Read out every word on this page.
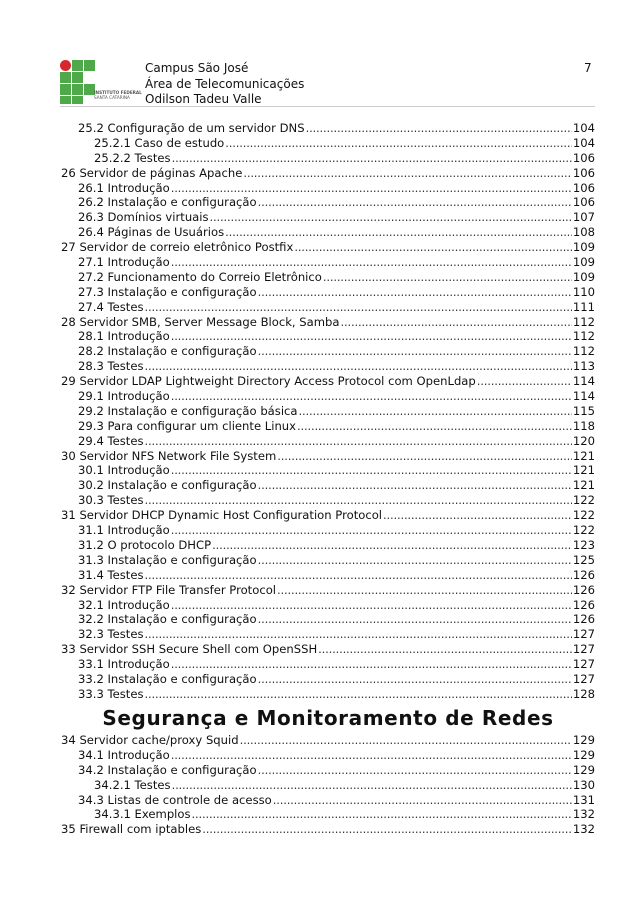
INSTITUTO FEDERAL
SANTA CATARINA
Campus São José
Área de Telecomunicações
Odilson Tadeu Valle
7
25.2 Configuração de um servidor DNS .....	104
25.2.1 Caso de estudo .....	104
25.2.2 Testes .....	106
26 Servidor de páginas Apache .....	106
26.1 Introdução .....	106
26.2 Instalação e configuração .....	106
26.3 Domínios virtuais .....	107
26.4 Páginas de Usuários .....	108
27 Servidor de correio eletrônico Postfix .....	109
27.1 Introdução .....	109
27.2 Funcionamento do Correio Eletrônico .....	109
27.3 Instalação e configuração .....	110
27.4 Testes .....	111
28 Servidor SMB, Server Message Block, Samba .....	112
28.1 Introdução .....	112
28.2 Instalação e configuração .....	112
28.3 Testes .....	113
29 Servidor LDAP Lightweight Directory Access Protocol com OpenLdap .....	114
29.1 Introdução .....	114
29.2 Instalação e configuração básica .....	115
29.3 Para configurar um cliente Linux .....	118
29.4 Testes .....	120
30 Servidor NFS Network File System .....	121
30.1 Introdução .....	121
30.2 Instalação e configuração .....	121
30.3 Testes .....	122
31 Servidor DHCP Dynamic Host Configuration Protocol .....	122
31.1 Introdução .....	122
31.2 O protocolo DHCP .....	123
31.3 Instalação e configuração .....	125
31.4 Testes .....	126
32 Servidor FTP File Transfer Protocol .....	126
32.1 Introdução .....	126
32.2 Instalação e configuração .....	126
32.3 Testes .....	127
33 Servidor SSH Secure Shell com OpenSSH .....	127
33.1 Introdução .....	127
33.2 Instalação e configuração .....	127
33.3 Testes .....	128
Segurança e Monitoramento de Redes
34 Servidor cache/proxy Squid .....	129
34.1 Introdução .....	129
34.2 Instalação e configuração .....	129
34.2.1 Testes .....	130
34.3 Listas de controle de acesso .....	131
34.3.1 Exemplos .....	132
35 Firewall com iptables .....	132
